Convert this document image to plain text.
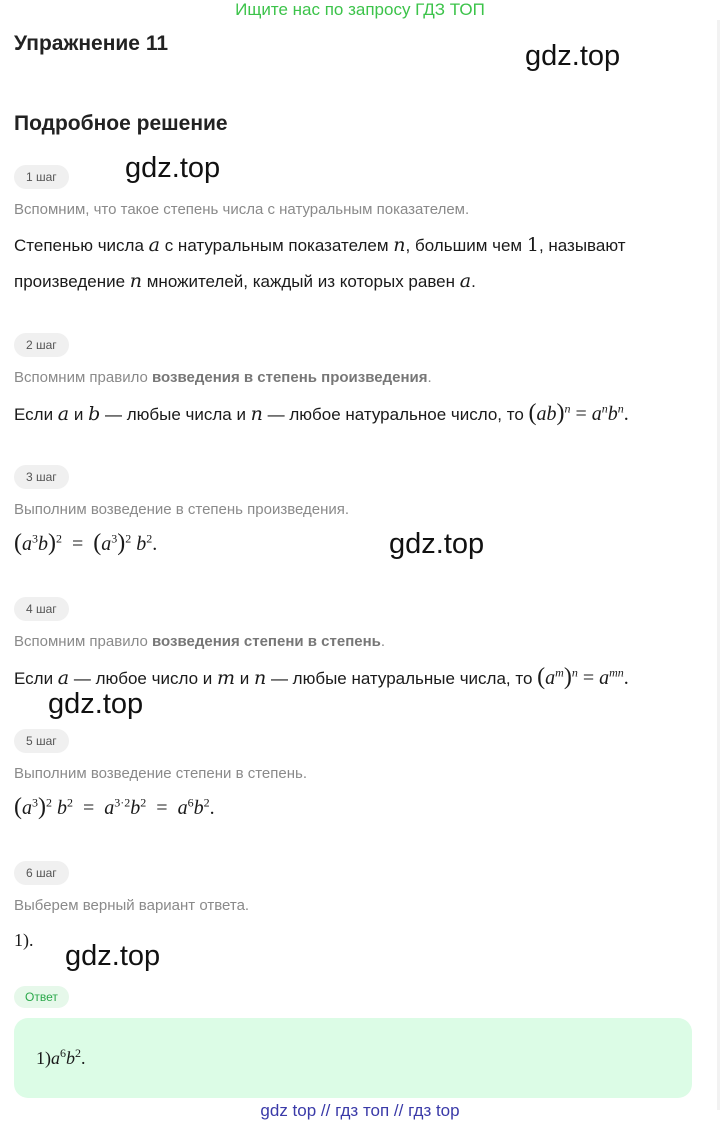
Ищите нас по запросу ГДЗ ТОП
Упражнение 11
Подробное решение
gdz.top
gdz.top
gdz.top
gdz.top
gdz.top
1 шаг
Вспомним, что такое степень числа с натуральным показателем.
Степенью числа a с натуральным показателем n, большим чем 1, называют
произведение n множителей, каждый из которых равен a.
2 шаг
Вспомним правило возведения в степень произведения.
Если a и b — любые числа и n — любое натуральное число, то $(ab)^n = a^nb^n$.
3 шаг
Выполним возведение в степень произведения.
$(a^3b)^2 = (a^3)^2$ $b^2$.
4 шаг
Вспомним правило возведения степени в степень.
Если a — любое число и m и n — любые натуральные числа, то $(a^m)^n = a^{mn}$.
5 шаг
Выполним возведение степени в степень.
$(a^3)^2$ $b^2 = a^{3\cdot 2}b^2 = a^6b^2$.
6 шаг
Выберем верный вариант ответа.
1).
Ответ
$1)a^6b^2$.
gdz top // гдз топ // гдз top
